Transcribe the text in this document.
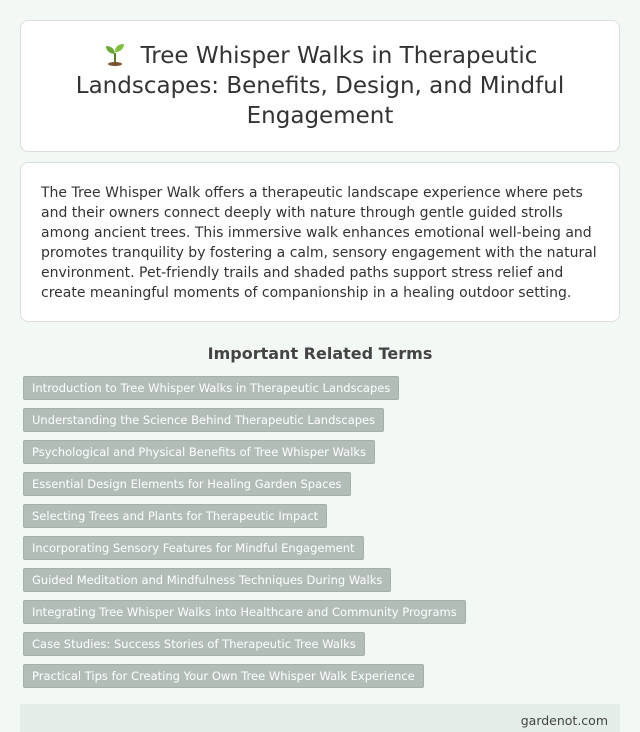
Tree Whisper Walks in Therapeutic Landscapes: Benefits, Design, and Mindful Engagement

The Tree Whisper Walk offers a therapeutic landscape experience where pets and their owners connect deeply with nature through gentle guided strolls among ancient trees. This immersive walk enhances emotional well-being and promotes tranquility by fostering a calm, sensory engagement with the natural environment. Pet-friendly trails and shaded paths support stress relief and create meaningful moments of companionship in a healing outdoor setting.

Important Related Terms
Introduction to Tree Whisper Walks in Therapeutic Landscapes
Understanding the Science Behind Therapeutic Landscapes
Psychological and Physical Benefits of Tree Whisper Walks
Essential Design Elements for Healing Garden Spaces
Selecting Trees and Plants for Therapeutic Impact
Incorporating Sensory Features for Mindful Engagement
Guided Meditation and Mindfulness Techniques During Walks
Integrating Tree Whisper Walks into Healthcare and Community Programs
Case Studies: Success Stories of Therapeutic Tree Walks
Practical Tips for Creating Your Own Tree Whisper Walk Experience
gardenot.com
